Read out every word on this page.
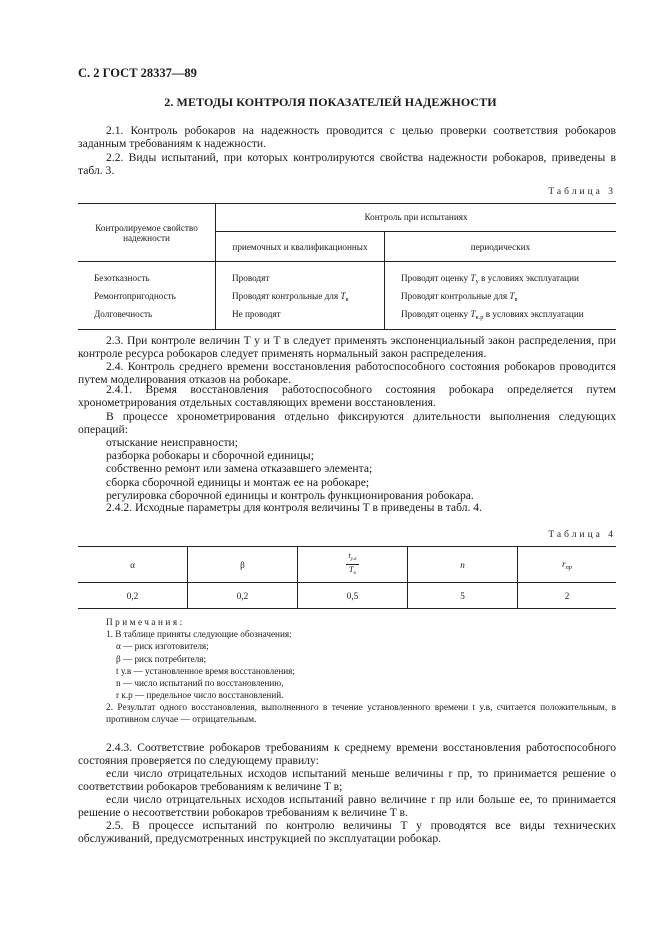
С. 2 ГОСТ 28337—89
2. МЕТОДЫ КОНТРОЛЯ ПОКАЗАТЕЛЕЙ НАДЕЖНОСТИ
2.1. Контроль робокаров на надежность проводится с целью проверки соответствия робокаров заданным требованиям к надежности.
2.2. Виды испытаний, при которых контролируются свойства надежности робокаров, приведены в табл. 3.
Таблица 3
Контролируемое свойство надежности	Контроль при испытаниях	
	приемочных и квалификационных	периодических
Безотказность	Проводят	Проводят оценку $T_у$ в условиях эксплуатации
Ремонтопригодность	Проводят контрольные для $T_в$	Проводят контрольные для $T_в$
Долговечность	Не проводят	Проводят оценку $T_{к.р}$ в условиях эксплуатации
2.3. При контроле величин T у и T в следует применять экспоненциальный закон распределения, при контроле ресурса робокаров следует применять нормальный закон распределения.
2.4. Контроль среднего времени восстановления работоспособного состояния робокаров проводится путем моделирования отказов на робокаре.
2.4.1. Время восстановления работоспособного состояния робокара определяется путем хронометрирования отдельных составляющих времени восстановления.
В процессе хронометрирования отдельно фиксируются длительности выполнения следующих операций:
отыскание неисправности;
разборка робокары и сборочной единицы;
собственно ремонт или замена отказавшего элемента;
сборка сборочной единицы и монтаж ее на робокаре;
регулировка сборочной единицы и контроль функционирования робокара.
2.4.2. Исходные параметры для контроля величины T в приведены в табл. 4.
Таблица 4
α	β	$\frac{t_{у.в}}{T_в}$	n	$r_{пр}$
0,2	0,2	0,5	5	2
Примечания:
1. В таблице приняты следующие обозначения:
α — риск изготовителя;
β — риск потребителя;
t у.в — установленное время восстановления;
n — число испытаний по восстановлению,
r к.р — предельное число восстановлений.
2. Результат одного восстановления, выполненного в течение установленного времени t у.в, считается положительным, в противном случае — отрицательным.
2.4.3. Соответствие робокаров требованиям к среднему времени восстановления работоспособного состояния проверяется по следующему правилу:
если число отрицательных исходов испытаний меньше величины r пр, то принимается решение о соответствии робокаров требованиям к величине T в;
если число отрицательных исходов испытаний равно величине r пр или больше ее, то принимается решение о несоответствии робокаров требованиям к величине T в.
2.5. В процессе испытаний по контролю величины T у проводятся все виды технических обслуживаний, предусмотренных инструкцией по эксплуатации робокар.
